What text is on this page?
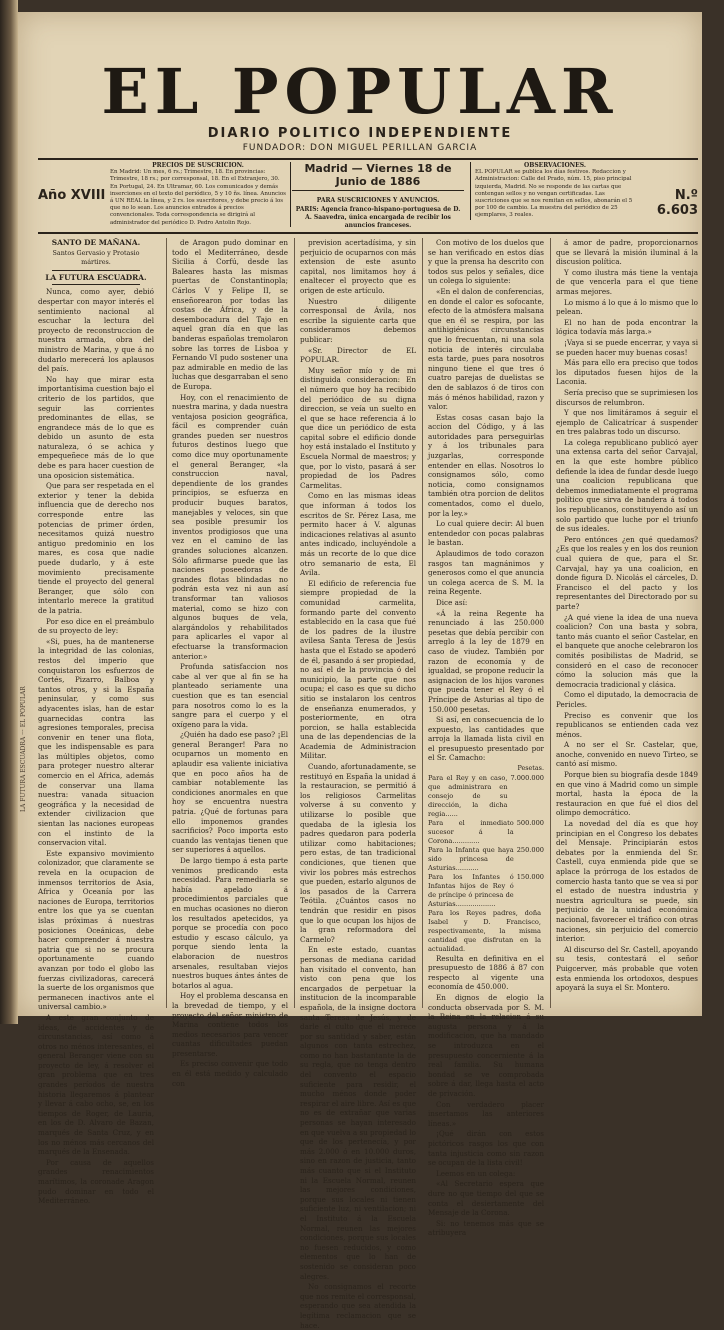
LA FUTURA ESCUADRA ··· EL POPULAR
EL POPULAR
DIARIO POLITICO INDEPENDIENTE
FUNDADOR: DON MIGUEL PERILLAN GARCIA
Año XVIII
PRECIOS DE SUSCRICION.
En Madrid: Un mes, 6 rs.; Trimestre, 18. En provincias: Trimestre, 18 rs.; por corresponsal, 18. En el Extranjero, 30. En Portugal, 24. En Ultramar, 60. Los comunicados y demás inserciones en el texto del periódico, 5 y 10 ñs. línea. Anuncios á UN REAL la línea, y 2 rs. los suscritores, y debe precio á los que no lo sean. Los anuncios entrados á precios convencionales. Toda correspondencia se dirigirá al administrador del periódico D. Pedro Antolin Rojo.
Madrid — Viernes 18 de Junio de 1886
PARA SUSCRICIONES Y ANUNCIOS.
PARIS: Agencia franco-hispano-portuguesa de D. A. Saavedra, única encargada de recibir los anuncios franceses.
OBSERVACIONES.
EL POPULAR se publica los días festivos. Redaccion y Administracion: Calle del Prado, núm. 15, piso principal izquierda, Madrid. No se responde de las cartas que contengan sellos y no vengan certificadas. Las suscriciones que se nos remitan en sellos, abonarán el 5 por 100 de cambio. La muestra del periódico de 25 ejemplares, 3 reales.
N.º 6.603

SANTO DE MAÑANA.

Santos Gervasio y Protasio mártires.

LA FUTURA ESCUADRA.

Nunca, como ayer, debió despertar con mayor interés el sentimiento nacional al escuchar la lectura del proyecto de reconstruccion de nuestra armada, obra del ministro de Marina, y que á no dudarlo merecerá los aplausos del país.

No hay que mirar esta importantísima cuestion bajo el criterio de los partidos, que seguir las corrientes predominantes de ellas, se engrandece más de lo que es debido un asunto de esta naturaleza, ó se achica y empequeñece más de lo que debe es para hacer cuestion de una oposicion sistemática.

Que para ser respetada en el exterior y tener la debida influencia que de derecho nos corresponde entre las potencias de primer órden, necesitamos quizá nuestro antiguo predominio en los mares, es cosa que nadie puede dudarlo, y á este movimiento precisamente tiende el proyecto del general Beranger, que sólo con intentarlo merece la gratitud de la patria.

Por eso dice en el preámbulo de su proyecto de ley:

«Si, pues, ha de mantenerse la integridad de las colonias, restos del imperio que conquistaron los esfuerzos de Cortés, Pizarro, Balboa y tantos otros, y si la España peninsular, y como sus adyacentes islas, han de estar guarnecidas contra las agresiones temporales, precisa convenir en tener una flota, que les indispensable es para las múltiples objetos, como para proteger nuestro alterar comercio en el Africa, además de conservar una llama nuestra: vanada situacion geográfica y la necesidad de extender civilizacion que sientan las naciones europeas con el instinto de la conservacion vital.

Este expansivo movimiento colonizador, que claramente se revela en la ocupacion de inmensos territorios de Asia, Africa y Oceanía por las naciones de Europa, territorios entre los que ya se cuentan islas próximas á nuestras posiciones Oceánicas, debe hacer comprender á nuestra patria que si no se procura oportunamente cuando avanzan por todo el globo las fuerzas civilizadoras, carecerá la suerte de los organismos que permanecen inactivos ante el universal cambio.»

A este gran conjunto de ideas, de accidentes y de circunstancias, así como á otros no ménos interesantes, el general Beranger viene con su proyecto de ley, á resolver el gran problema que en tres grandes períodos de nuestra historia llegaremos á plantear y llevar á cabo ocho, se, en los tiempos de Roger, de Lauria, en los de D. Alvaro de Bazan, marqués de Santa Cruz, y en los no ménos más cercanos del marqués de la Ensenada.

Por causa de aquellos grandes renacimientos marítimos, la coronade Aragon pudo dominar en todo el Mediterráneo.

de Aragon pudo dominar en todo el Mediterráneo, desde Sicilia á Corfú, desde las Baleares hasta las mismas puertas de Constantinopla; Cárlos V y Felipe II, se enseñorearon por todas las costas de África, y de la desembocadura del Tajo en aquel gran día en que las banderas españolas tremolaron sobre las torres de Lisboa y Fernando VI pudo sostener una paz admirable en medio de las luchas que desgarraban el seno de Europa.

Hoy, con el renacimiento de nuestra marina, y dada nuestra ventajosa posicion geográfica, fácil es comprender cuán grandes pueden ser nuestros futuros destinos luego que como dice muy oportunamente el general Beranger, «la construccion naval, dependiente de los grandes principios, se esfuerza en producir buques baratos, manejables y veloces, sin que sea posible presumir los inventos prodigiosos que una vez en el camino de las grandes soluciones alcanzen. Sólo afirmarse puede que las naciones poseedoras de grandes flotas blindadas no podrán esta vez ni aun así transformar tan valiosos material, como se hizo con algunos buques de vela, alargándolos y rehabilitados para aplicarles el vapor al efectuarse la transformacion anterior.»

Profunda satisfaccion nos cabe al ver que al fin se ha planteado seriamente una cuestion que es tan esencial para nosotros como lo es la sangre para el cuerpo y el oxígeno para la vida.

¿Quién ha dado ese paso? ¡El general Beranger! Para no ocuparnos un momento en aplaudir esa valiente iniciativa que en poco años ha de cambiar notablemente las condiciones anormales en que hoy se encuentra nuestra patria. ¿Qué de fortunas para ello imponemos grandes sacrificios? Poco importa esto cuando las ventajas tienen que ser superiores á aquellos.

De largo tiempo á esta parte venimos predicando esta necesidad. Para remediarla se había apelado á procedimientos parciales que en muchas ocasiones no dieron los resultados apetecidos, ya porque se procedía con poco estudio y escaso cálculo, ya porque siendo lenta la elaboracion de nuestros arsenales, resultaban viejos nuestros buques ántes ántes de botarlos al agua.

Hoy el problema descansa en la brevedad de tiempo, y el proyecto del señor ministro de Marina contiene todos los medios necesarios para vencer cuantas dificultades puedan presentarse.

Es preciso convenir que todo en él está medido y calculado con

prevision acertadísima, y sin perjuicio de ocuparnos con más extension de este asunto capital, nos limitamos hoy á enaltecer el proyecto que es origen de este artículo.

Nuestro diligente corresponsal de Ávila, nos escribe la siguiente carta que consideramos debemos publicar:

«Sr. Director de EL POPULAR.

Muy señor mío y de mi distinguida consideracion: En el número que hoy ha recibido del periódico de su digna direccion, se veía un suelto en el que se hace referencia á lo que dice un periódico de esta capital sobre el edificio donde hoy está instalado el Instituto y Escuela Normal de maestros; y que, por lo visto, pasará á ser propiedad de los Padres Carmelitas.

Como en las mismas ideas que informan á todos los escritos de Sr. Pérez Lasa, me permito hacer á V. algunas indicaciones relativas al asunto antes indicado, incluyéndole a más un recorte de lo que dice otro semanario de esta, El Avila.

El edificio de referencia fue siempre propiedad de la comunidad carmelita, formando parte del convento establecido en la casa que fué de los padres de la ilustre avilesa Santa Teresa de Jesús hasta que el Estado se apoderó de él, pasando á ser propiedad, no así el de la provincia ó del municipio, la parte que nos ocupa; el caso es que su dicho sitio se instalaron los centros de enseñanza enumerados, y posteriormente, en otra porcion, se halla establecida una de las dependencias de la Academia de Administracion Militar.

Cuando, afortunadamente, se restituyó en España la unidad á la restauracion, se permitió á los religiosos Carmelitas volverse á su convento y utilizarse lo posible que quedaba de la iglesia los padres quedaron para poderla utilizar como habitaciones; pero estas, de tan tradicional condiciones, que tienen que vivir los pobres más estrechos que pueden, estarlo algunos de los pasados de la Carrera Teótila. ¿Cuántos casos no tendrán que residir en pisos que lo que ocupan los hijos de la gran reformadora del Carmelo?

En este estado, cuantas personas de mediana caridad han visitado el convento, han visto con pena que los encargados de perpetuar la institucion de la incomparable española, de la insigne doctora santa Teresa de Jesús, y de darle el culto que el merece por su santidad y saber, están algunos con tanta estrechez, como no han bastantante la de su regla, que no tenga dentro del convento el espacio suficiente para residir, el mucho ménos donde poder respirar el aire libre. Así es que no es de extrañar que varias personas se hayan interesado en que vuelva a su propiedad lo que de los pertenecía, y por más 2.000 ó en 10.000 duros, sino en razon de justicia, tanto más cuanto que si el Instituto ni la Escuela Normal, reunen las mejores condiciones, porque sus locales ni tienen suficiente luz, ni ventilacion; ni el Instituto á la Escuela Normal, reunen las mejores condiciones, porque sus locales no fuesen reducidos, y como elementos que lo han de sostenido se consideran poco alegres.

No consignamos el recorte que nos remite el corresponsal, esperando que sea atendida la legítima reclamacion que se hace.

Con motivo de los duelos que se han verificado en estos días y que la prensa ha descrito con todos sus pelos y señales, dice un colega lo siguiente:

«En el dalon de conferencias, en donde el calor es sofocante, efecto de la atmósfera malsana que en él se respira, por las antihigiénicas circunstancias que lo frecuentan, ni una sola noticia de interés circulaba esta tarde, pues para nosotros ninguno tiene el que tres ó cuatro parejas de duelistas se den de sablazos ó de tiros con más ó ménos habilidad, razon y valor.

Estas cosas casan bajo la accion del Código, y á las autoridades para perseguirlas y á los tribunales para juzgarlas, corresponde entender en ellas. Nosotros lo consignamos sólo, como noticia, como consignamos también otra porcion de delitos comentados, como el duelo, por la ley.»

Lo cual quiere decir: Al buen entendedor con pocas palabras le bastan.

Aplaudimos de todo corazon rasgos tan magnánimos y generosos como el que anuncia un colega acerca de S. M. la reina Regente.

Dice así:

«Á la reina Regente ha renunciado á las 250.000 pesetas que debía percibir con arreglo á la ley de 1879 en caso de viudez. También por razon de economía y de igualdad, se propone reducir la asignacion de los hijos varones que pueda tener el Rey ó el Príncipe de Asturias al tipo de 150.000 pesetas.

Si así, en consecuencia de lo expuesto, las cantidades que arroja la llamada lista civil en el presupuesto presentado por el Sr. Camacho:

Pesetas.
Para el Rey y en caso, que administrara en consejo de su dirección, la dicha regia......
7.000.000
Para el inmediato sucesor á la Corona.............
500.000
Para la Infanta que haya sido princesa de Asturias...........
250.000
Para los Infantes ó Infantas hijos de Rey ó de príncipe ó princesa de Asturias...................
150.000
Para los Reyes padres, doña Isabel y D. Francisco, respectivamente, la misma cantidad que disfrutan en la actualidad.

Resulta en definitiva en el presupuesto de 1886 á 87 con respecto al vigente una economía de 450.000.

En dignos de elogio la conducta observada por S. M. la Reina en la relacion á su augusta persona y á la modificacion, que ha mandado se introduzca en el presupuesto concerniente á la real familia. Su humana bondad se ve comprobada sobre á dar, llega hasta el acto de privación.

Con verdadero placer insertamos las anteriores líneas.»

¡Qué dirán con estos pictóricos rasgos los que con tanta injusticia como sin razon se ocupan de la lista civil!

Leemos en un colega:

«Al Secretario espera que dure no que tiempo del que se conta el desiertamente del Mensaje de la Corona.

Si: no tenemos más que se atribuyera

á amor de padre, proporcionarnos que se llevará la misión iluminal á la discusion política.

Y como ilustra más tiene la ventaja de que vencerla para el que tiene armas mejores.

Lo mismo á lo que á lo mismo que lo pelean.

El no han de poda encontrar la lógica todavía más larga.»

¡Vaya si se puede encerrar, y vaya si se pueden hacer muy buenas cosas!

Más para ello era preciso que todos los diputados fuesen hijos de la Laconia.

Sería preciso que se suprimiesen los discursos de relumbron.

Y que nos limitáramos á seguir el ejemplo de Calicatrícar á suspender en tres palabras todo un discurso.

La colega republicano publicó ayer una extensa carta del señor Carvajal, en la que este hombre público defiende la idea de fundar desde luego una coalicion republicana que debemos inmediatamente el programa político que sirva de bandera á todos los republicanos, constituyendo así un solo partido que luche por el triunfo de sus ideales.

Pero entónces ¿en qué quedamos? ¿Es que los reales y en los dos reunion cual quiera de que, para el Sr. Carvajal, hay ya una coalicion, en donde figura D. Nicolás el cárceles, D. Francisco el del pacto y los representantes del Directorado por su parte?

¿A qué viene la idea de una nueva coalicion? Con una basta y sobra, tanto más cuanto el señor Castelar, en el banquete que anoche celebraron los comités posibilistas de Madrid, se consideró en el caso de reconocer cómo la solucion más que la democracia tradicional y clásica.

Como el diputado, la democracia de Pericles.

Preciso es convenir que los republicanos se entienden cada vez ménos.

A no ser el Sr. Castelar, que, anoche, convenido en nuevo Tirteo, se cantó así mismo.

Porque bien su biografía desde 1849 en que vino á Madrid como un simple mortal, hasta la época de la restauracion en que fué el dios del olimpo democrático.

La novedad del día es que hoy principian en el Congreso los debates del Mensaje. Principiarán estos debates por la enmienda del Sr. Castell, cuya enmienda pide que se aplace la prórroga de los estados de comercio hasta tanto que se vea si por el estado de nuestra industria y nuestra agricultura se puede, sin perjuicio de la unidad económica nacional, favorecer el tráfico con otras naciones, sin perjuicio del comercio interior.

Al discurso del Sr. Castell, apoyando su tesis, contestará el señor Puigcerver, más probable que voten esta enmienda los ortodoxos, despues apoyará la suya el Sr. Montero.
